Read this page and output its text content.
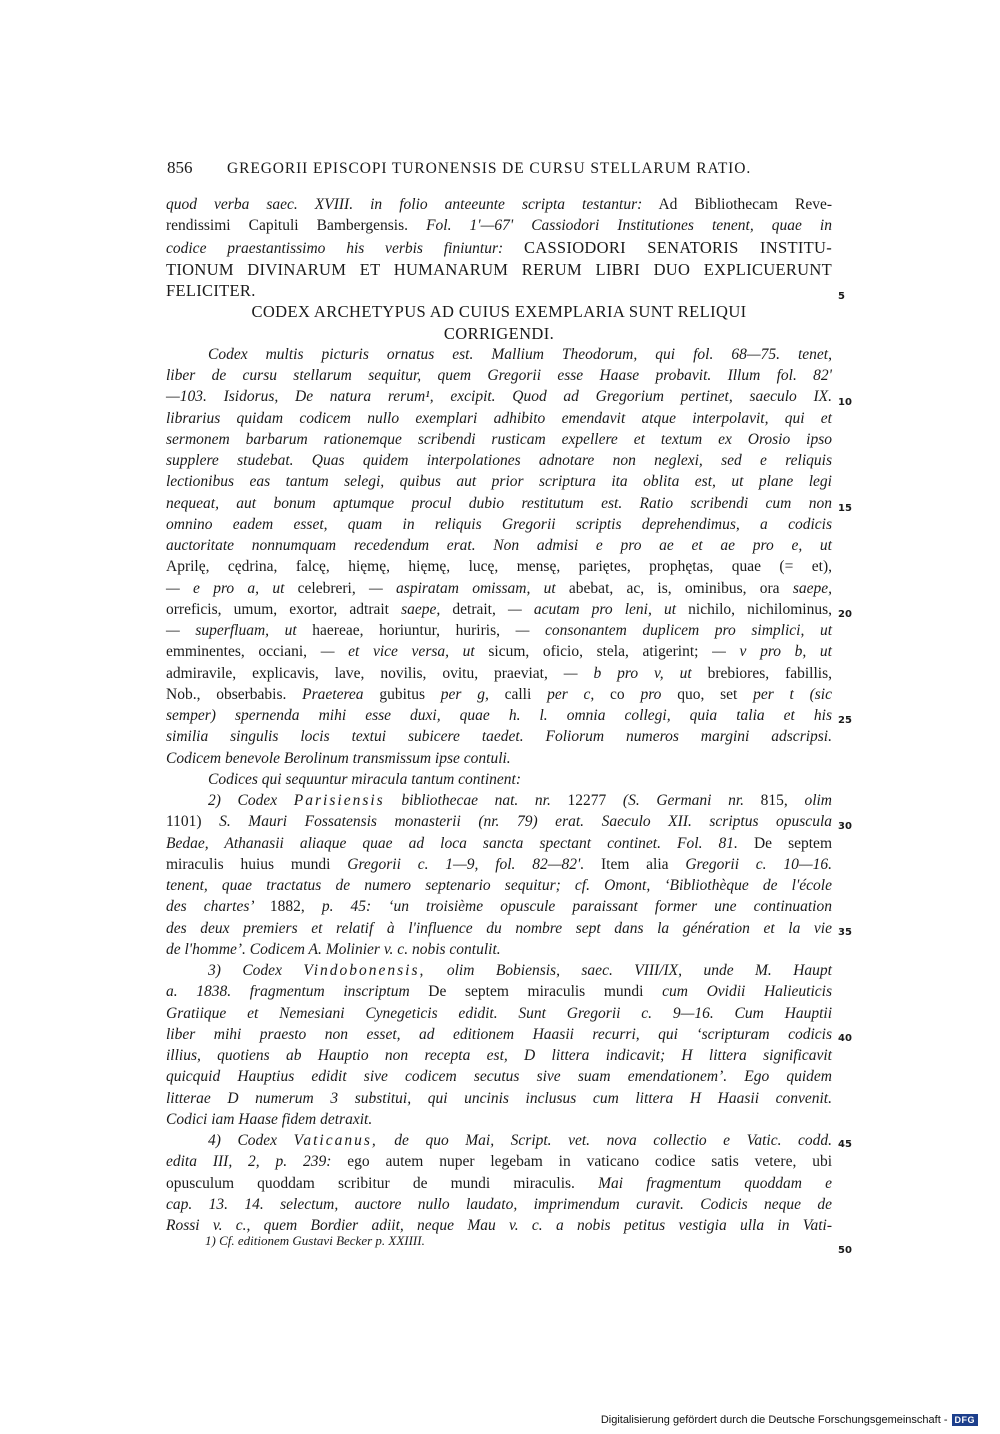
856	GREGORII EPISCOPI TURONENSIS DE CURSU STELLARUM RATIO.
quod verba saec. XVIII. in folio anteeunte scripta testantur: Ad Bibliothecam Reve-
rendissimi Capituli Bambergensis. Fol. 1'—67' Cassiodori Institutiones tenent, quae in
codice praestantissimo his verbis finiuntur: CASSIODORI SENATORIS INSTITU-
TIONUM DIVINARUM ET HUMANARUM RERUM LIBRI DUO EXPLICUERUNT
FELICITER.
CODEX ARCHETYPUS AD CUIUS EXEMPLARIA SUNT RELIQUI
CORRIGENDI.
Codex multis picturis ornatus est. Mallium Theodorum, qui fol. 68—75. tenet,
liber de cursu stellarum sequitur, quem Gregorii esse Haase probavit. Illum fol. 82'
—103. Isidorus, De natura rerum¹, excipit. Quod ad Gregorium pertinet, saeculo IX.
librarius quidam codicem nullo exemplari adhibito emendavit atque interpolavit, qui et
sermonem barbarum rationemque scribendi rusticam expellere et textum ex Orosio ipso
supplere studebat. Quas quidem interpolationes adnotare non neglexi, sed e reliquis
lectionibus eas tantum selegi, quibus aut prior scriptura ita oblita est, ut plane legi
nequeat, aut bonum aptumque procul dubio restitutum est. Ratio scribendi cum non
omnino eadem esset, quam in reliquis Gregorii scriptis deprehendimus, a codicis
auctoritate nonnumquam recedendum erat. Non admisi e pro ae et ae pro e, ut
Aprilę, cędrina, falcę, hięmę, hięmę, lucę, mensę, pariętes, prophętas, quae (= et),
— e pro a, ut celebreri, — aspiratam omissam, ut abebat, ac, is, ominibus, ora saepe,
orreficis, umum, exortor, adtrait saepe, detrait, — acutam pro leni, ut nichilo, nichilominus,
— superfluam, ut haereae, horiuntur, huriris, — consonantem duplicem pro simplici, ut
emminentes, occiani, — et vice versa, ut sicum, oficio, stela, atigerint; — v pro b, ut
admiravile, explicavis, lave, novilis, ovitu, praeviat, — b pro v, ut brebiores, fabillis,
Nob., obserbabis. Praeterea gubitus per g, calli per c, co pro quo, set per t (sic
semper) spernenda mihi esse duxi, quae h. l. omnia collegi, quia talia et his
similia singulis locis textui subicere taedet. Foliorum numeros margini adscripsi.
Codicem benevole Berolinum transmissum ipse contuli.
Codices qui sequuntur miracula tantum continent:
2) Codex Parisiensis bibliothecae nat. nr. 12277 (S. Germani nr. 815, olim
1101) S. Mauri Fossatensis monasterii (nr. 79) erat. Saeculo XII. scriptus opuscula
Bedae, Athanasii aliaque quae ad loca sancta spectant continet. Fol. 81. De septem
miraculis huius mundi Gregorii c. 1—9, fol. 82—82'. Item alia Gregorii c. 10—16.
tenent, quae tractatus de numero septenario sequitur; cf. Omont, ‘Bibliothèque de l'école
des chartes’ 1882, p. 45: ‘un troisième opuscule paraissant former une continuation
des deux premiers et relatif à l'influence du nombre sept dans la génération et la vie
de l'homme’. Codicem A. Molinier v. c. nobis contulit.
3) Codex Vindobonensis, olim Bobiensis, saec. VIII/IX, unde M. Haupt
a. 1838. fragmentum inscriptum De septem miraculis mundi cum Ovidii Halieuticis
Gratiique et Nemesiani Cynegeticis edidit. Sunt Gregorii c. 9—16. Cum Hauptii
liber mihi praesto non esset, ad editionem Haasii recurri, qui ‘scripturam codicis
illius, quotiens ab Hauptio non recepta est, D littera indicavit; H littera significavit
quicquid Hauptius edidit sive codicem secutus sive suam emendationem’. Ego quidem
litterae D numerum 3 substitui, qui uncinis inclusus cum littera H Haasii convenit.
Codici iam Haase fidem detraxit.
4) Codex Vaticanus, de quo Mai, Script. vet. nova collectio e Vatic. codd.
edita III, 2, p. 239: ego autem nuper legebam in vaticano codice satis vetere, ubi
opusculum quoddam scribitur de mundi miraculis. Mai fragmentum quoddam e
cap. 13. 14. selectum, auctore nullo laudato, imprimendum curavit. Codicis neque de
Rossi v. c., quem Bordier adiit, neque Mau v. c. a nobis petitus vestigia ulla in Vati-
1) Cf. editionem Gustavi Becker p. XXIIII.
5
10
15
20
25
30
35
40
45
50
Digitalisierung gefördert durch die Deutsche Forschungsgemeinschaft - DFG
